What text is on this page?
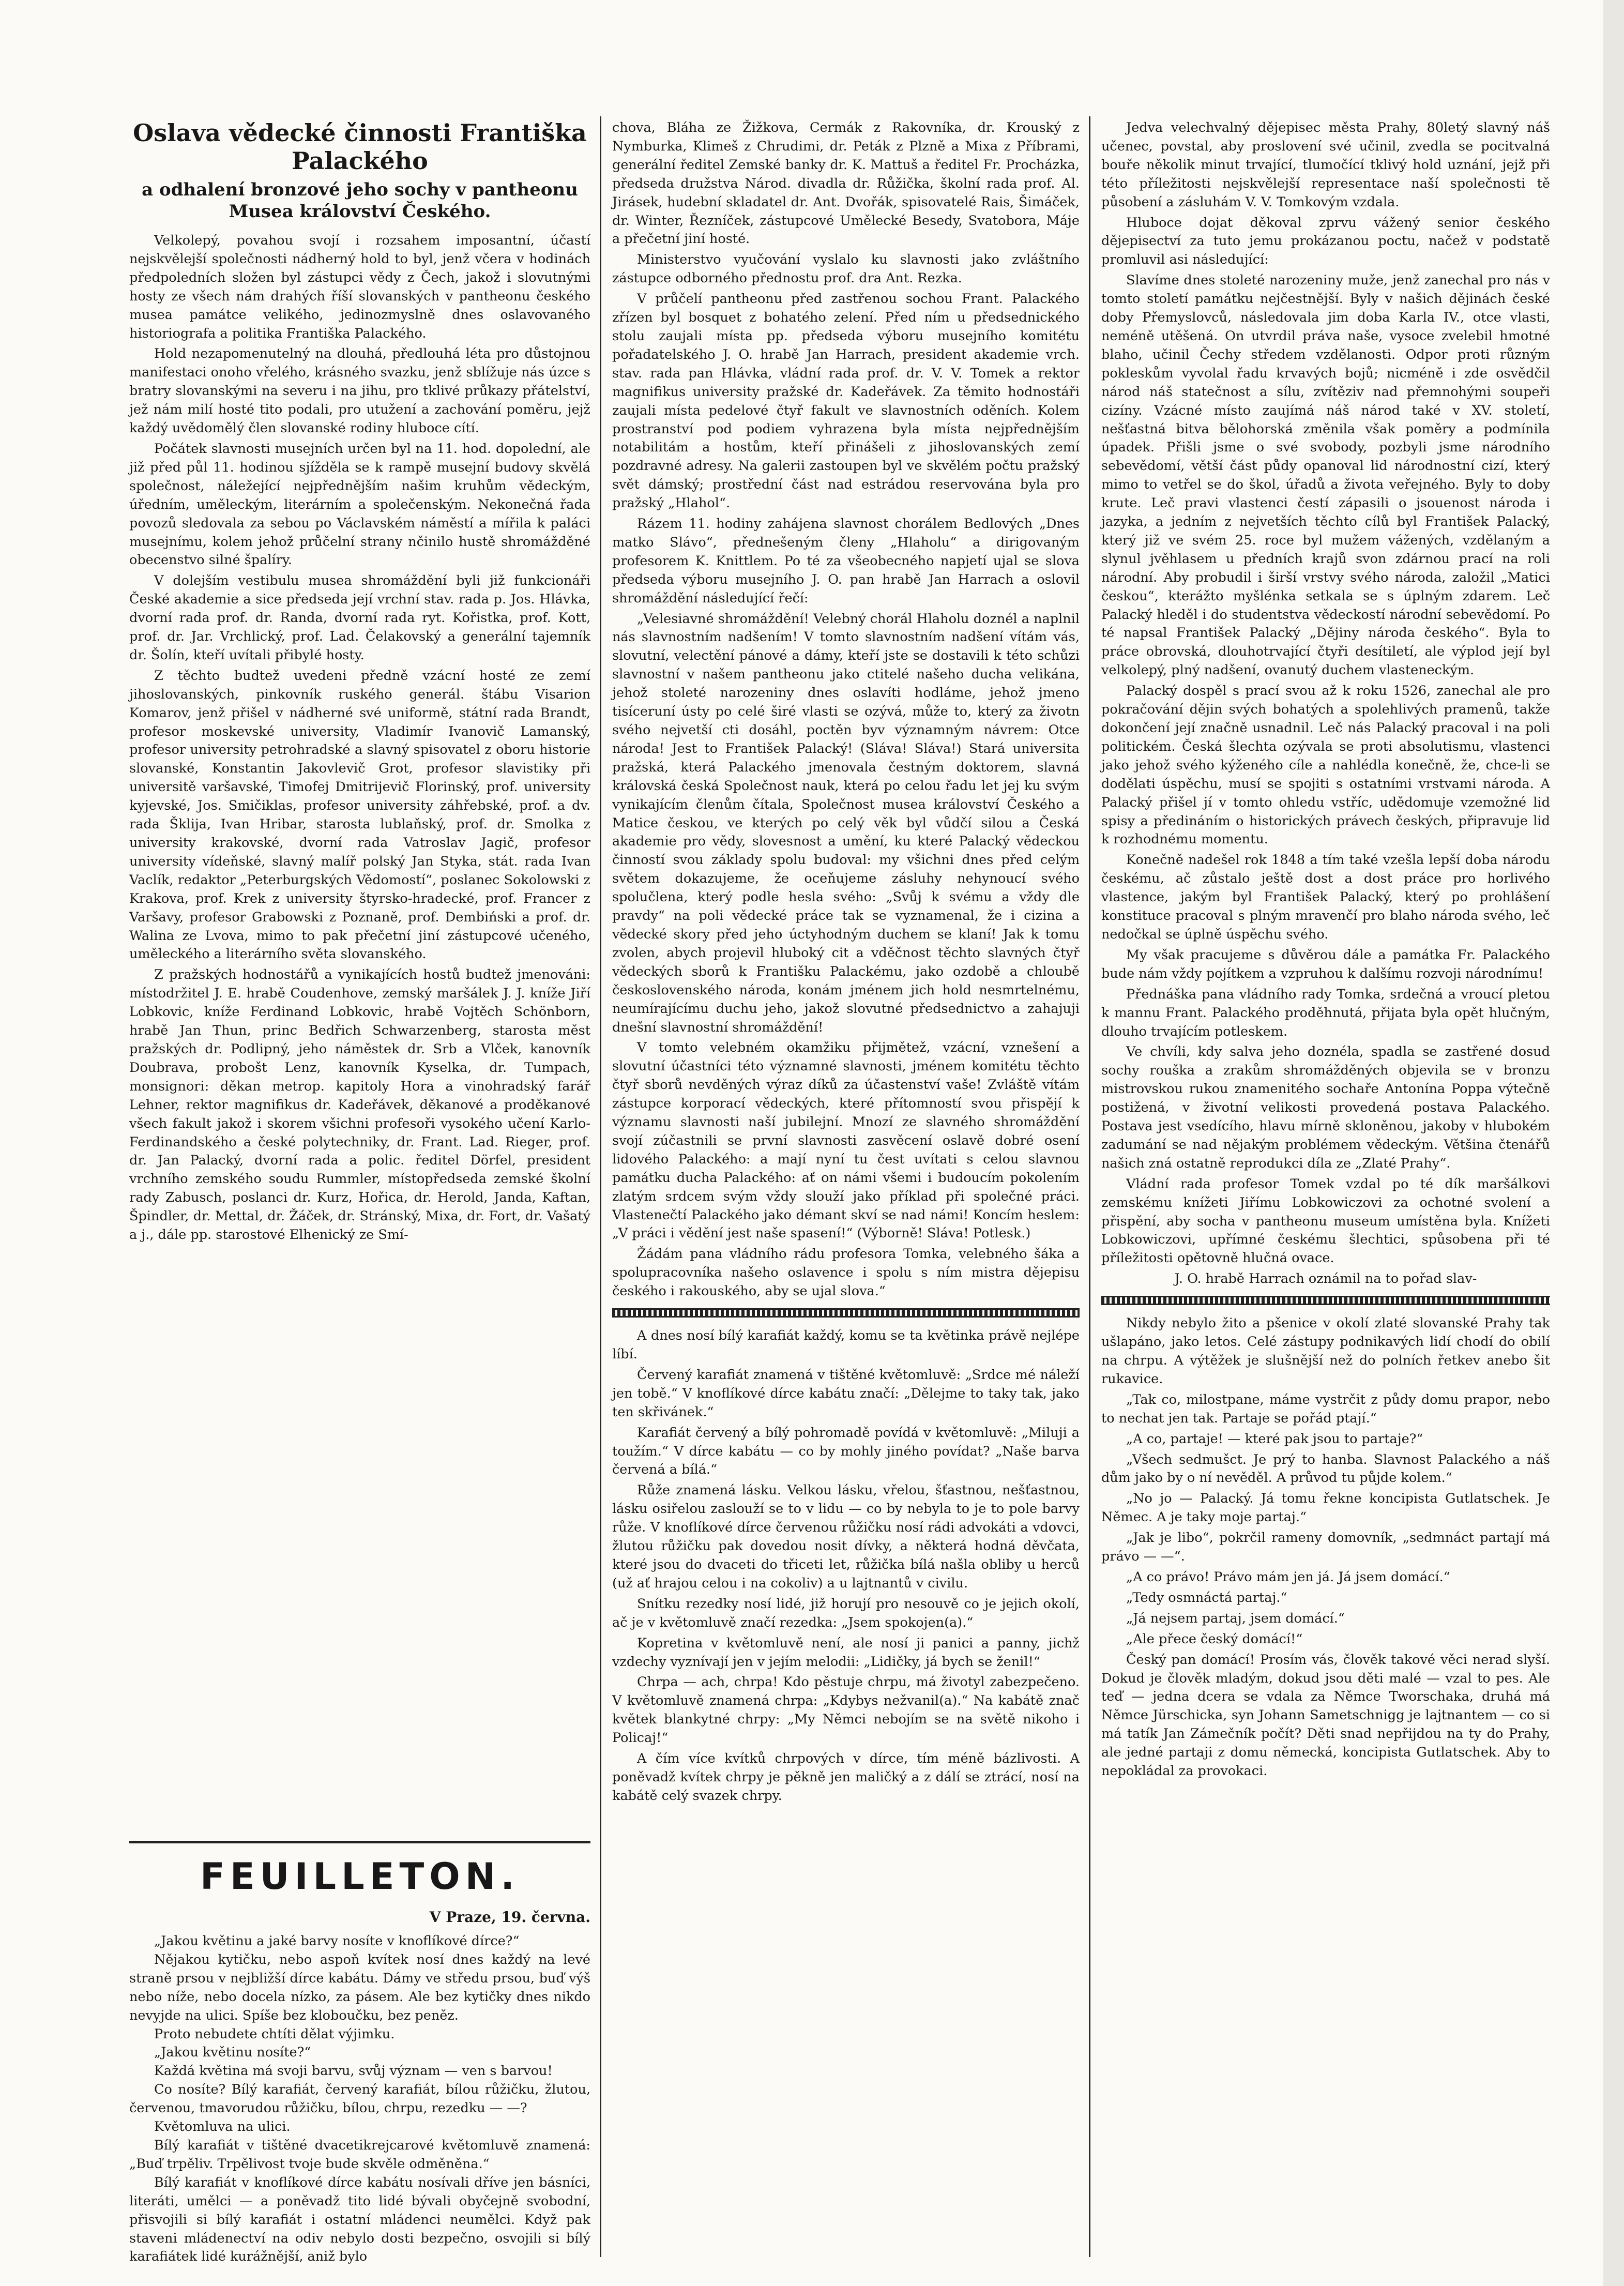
Oslava vědecké činnosti Františka Palackého
a odhalení bronzové jeho sochy v pantheonu Musea království Českého.

Velkolepý, povahou svojí i rozsahem imposantní, účastí nejskvělejší společnosti nádherný hold to byl, jenž včera v hodinách předpoledních složen byl zástupci vědy z Čech, jakož i slovutnými hosty ze všech nám drahých říší slovanských v pantheonu českého musea památce velikého, jedinozmyslně dnes oslavovaného historiografa a politika Františka Palackého.

Hold nezapomenutelný na dlouhá, předlouhá léta pro důstojnou manifestaci onoho vřelého, krásného svazku, jenž sblížuje nás úzce s bratry slovanskými na severu i na jihu, pro tklivé průkazy přátelství, jež nám milí hosté tito podali, pro utužení a zachování poměru, jejž každý uvědomělý člen slovanské rodiny hluboce cítí.

Počátek slavnosti musejních určen byl na 11. hod. dopolední, ale již před půl 11. hodinou sjížděla se k rampě musejní budovy skvělá společnost, náležející nejpřednějším našim kruhům vědeckým, úředním, uměleckým, literárním a společenským. Nekonečná řada povozů sledovala za sebou po Václavském náměstí a mířila k paláci musejnímu, kolem jehož průčelní strany nčinilo hustě shromážděné obecenstvo silné špalíry.

V dolejším vestibulu musea shromáždění byli již funkcionáři České akademie a sice předseda její vrchní stav. rada p. Jos. Hlávka, dvorní rada prof. dr. Randa, dvorní rada ryt. Kořistka, prof. Kott, prof. dr. Jar. Vrchlický, prof. Lad. Čelakovský a generální tajemník dr. Šolín, kteří uvítali přibylé hosty.

Z těchto budtež uvedeni předně vzácní hosté ze zemí jihoslovanských, pinkovník ruského generál. štábu Visarion Komarov, jenž přišel v nádherné své uniformě, státní rada Brandt, profesor moskevské university, Vladimír Ivanovič Lamanský, profesor university petrohradské a slavný spisovatel z oboru historie slovanské, Konstantin Jakovlevič Grot, profesor slavistiky při universitě varšavské, Timofej Dmitrijevič Florinský, prof. university kyjevské, Jos. Smičiklas, profesor university záhřebské, prof. a dv. rada Šklija, Ivan Hribar, starosta lublaňský, prof. dr. Smolka z university krakovské, dvorní rada Vatroslav Jagič, profesor university vídeňské, slavný malíř polský Jan Styka, stát. rada Ivan Vaclík, redaktor „Peterburgských Vědomostí“, poslanec Sokolowski z Krakova, prof. Krek z university štyrsko-hradecké, prof. Francer z Varšavy, profesor Grabowski z Poznaně, prof. Dembiński a prof. dr. Walina ze Lvova, mimo to pak přečetní jiní zástupcové učeného, uměleckého a literárního světa slovanského.

Z pražských hodnostářů a vynikajících hostů budtež jmenováni: místodržitel J. E. hrabě Coudenhove, zemský maršálek J. J. kníže Jiří Lobkovic, kníže Ferdinand Lobkovic, hrabě Vojtěch Schönborn, hrabě Jan Thun, princ Bedřich Schwarzenberg, starosta měst pražských dr. Podlipný, jeho náměstek dr. Srb a Vlček, kanovník Doubrava, probošt Lenz, kanovník Kyselka, dr. Tumpach, monsignori: děkan metrop. kapitoly Hora a vinohradský farář Lehner, rektor magnifikus dr. Kadeřávek, děkanové a proděkanové všech fakult jakož i skorem všichni profesoři vysokého učení Karlo-Ferdinandského a české polytechniky, dr. Frant. Lad. Rieger, prof. dr. Jan Palacký, dvorní rada a polic. ředitel Dörfel, president vrchního zemského soudu Rummler, místopředseda zemské školní rady Zabusch, poslanci dr. Kurz, Hořica, dr. Herold, Janda, Kaftan, Špindler, dr. Mettal, dr. Žáček, dr. Stránský, Mixa, dr. Fort, dr. Vašatý a j., dále pp. starostové Elhenický ze Smí-

FEUILLETON.
V Praze, 19. června.

„Jakou květinu a jaké barvy nosíte v knoflíkové dírce?“

Nějakou kytičku, nebo aspoň kvítek nosí dnes každý na levé straně prsou v nejbližší dírce kabátu. Dámy ve středu prsou, buď výš nebo níže, nebo docela nízko, za pásem. Ale bez kytičky dnes nikdo nevyjde na ulici. Spíše bez kloboučku, bez peněz.

Proto nebudete chtíti dělat výjimku.

„Jakou květinu nosíte?“

Každá květina má svoji barvu, svůj význam — ven s barvou!

Co nosíte? Bílý karafiát, červený karafiát, bílou růžičku, žlutou, červenou, tmavorudou růžičku, bílou, chrpu, rezedku — —?

Květomluva na ulici.

Bílý karafiát v tištěné dvacetikrejcarové květomluvě znamená: „Buď trpěliv. Trpělivost tvoje bude skvěle odměněna.“

Bílý karafiát v knoflíkové dírce kabátu nosívali dříve jen básníci, literáti, umělci — a poněvadž tito lidé bývali obyčejně svobodní, přisvojili si bílý karafiát i ostatní mládenci neumělci. Když pak staveni mládenectví na odiv nebylo dosti bezpečno, osvojili si bílý karafiátek lidé kurážnější, aniž bylo

chova, Bláha ze Žižkova, Cermák z Rakovníka, dr. Krouský z Nymburka, Klimeš z Chrudimi, dr. Peták z Plzně a Mixa z Příbrami, generální ředitel Zemské banky dr. K. Mattuš a ředitel Fr. Procházka, předseda družstva Národ. divadla dr. Růžička, školní rada prof. Al. Jirásek, hudební skladatel dr. Ant. Dvořák, spisovatelé Rais, Šimáček, dr. Winter, Řezníček, zástupcové Umělecké Besedy, Svatobora, Máje a přečetní jiní hosté.

Ministerstvo vyučování vyslalo ku slavnosti jako zvláštního zástupce odborného přednostu prof. dra Ant. Rezka.

V průčelí pantheonu před zastřenou sochou Frant. Palackého zřízen byl bosquet z bohatého zelení. Před ním u předsednického stolu zaujali místa pp. předseda výboru musejního komitétu pořadatelského J. O. hrabě Jan Harrach, president akademie vrch. stav. rada pan Hlávka, vládní rada prof. dr. V. V. Tomek a rektor magnifikus university pražské dr. Kadeřávek. Za těmito hodnostáři zaujali místa pedelové čtyř fakult ve slavnostních oděních. Kolem prostranství pod podiem vyhrazena byla místa nejpřednějším notabilitám a hostům, kteří přinášeli z jihoslovanských zemí pozdravné adresy. Na galerii zastoupen byl ve skvělém počtu pražský svět dámský; prostřední část nad estrádou reservována byla pro pražský „Hlahol“.

Rázem 11. hodiny zahájena slavnost chorálem Bedlových „Dnes matko Slávo“, přednešeným členy „Hlaholu“ a dirigovaným profesorem K. Knittlem. Po té za všeobecného napjetí ujal se slova předseda výboru musejního J. O. pan hrabě Jan Harrach a oslovil shromáždění následující řečí:

„Velesiavné shromáždění! Velebný chorál Hlaholu doznél a naplnil nás slavnostním nadšením! V tomto slavnostním nadšení vítám vás, slovutní, velectění pánové a dámy, kteří jste se dostavili k této schůzi slavnostní v našem pantheonu jako ctitelé našeho ducha velikána, jehož stoleté narozeniny dnes oslavíti hodláme, jehož jmeno tisíceruní ústy po celé širé vlasti se ozývá, může to, který za životn svého nejvetší cti dosáhl, poctěn byv významným návrem: Otce národa! Jest to František Palacký! (Sláva! Sláva!) Stará universita pražská, která Palackého jmenovala čestným doktorem, slavná královská česká Společnost nauk, která po celou řadu let jej ku svým vynikajícím členům čítala, Společnost musea království Českého a Matice českou, ve kterých po celý věk byl vůdčí silou a Česká akademie pro vědy, slovesnost a umění, ku které Palacký vědeckou činností svou základy spolu budoval: my všichni dnes před celým světem dokazujeme, že oceňujeme zásluhy nehynoucí svého spolučlena, který podle hesla svého: „Svůj k svému a vždy dle pravdy“ na poli vědecké práce tak se vyznamenal, že i cizina a vědecké skory před jeho úctyhodným duchem se klaní! Jak k tomu zvolen, abych projevil hluboký cit a vděčnost těchto slavných čtyř vědeckých sborů k Františku Palackému, jako ozdobě a chloubě československého národa, konám jménem jich hold nesmrtelnému, neumírajícímu duchu jeho, jakož slovutné předsednictvo a zahajuji dnešní slavnostní shromáždění!

V tomto velebném okamžiku přijmětež, vzácní, vznešení a slovutní účastníci této významné slavnosti, jménem komitétu těchto čtyř sborů nevděných výraz díků za účastenství vaše! Zvláště vítám zástupce korporací vědeckých, které přítomností svou přispějí k významu slavnosti naší jubilejní. Mnozí ze slavného shromáždění svojí zúčastnili se první slavnosti zasvěcení oslavě dobré osení lidového Palackého: a mají nyní tu čest uvítati s celou slavnou památku ducha Palackého: ať on námi všemi i budoucím pokolením zlatým srdcem svým vždy slouží jako příklad při společné práci. Vlastenečtí Palackého jako démant skví se nad námi! Koncím heslem: „V práci i vědění jest naše spasení!“ (Výborně! Sláva! Potlesk.)

Žádám pana vládního rádu profesora Tomka, velebného šáka a spolupracovníka našeho oslavence i spolu s ním mistra dějepisu českého i rakouského, aby se ujal slova.“

A dnes nosí bílý karafiát každý, komu se ta květinka právě nejlépe líbí.

Červený karafiát znamená v tištěné květomluvě: „Srdce mé náleží jen tobě.“ V knoflíkové dírce kabátu značí: „Dělejme to taky tak, jako ten skřivánek.“

Karafiát červený a bílý pohromadě povídá v květomluvě: „Miluji a toužím.“ V dírce kabátu — co by mohly jiného povídat? „Naše barva červená a bílá.“

Růže znamená lásku. Velkou lásku, vřelou, šťastnou, nešťastnou, lásku osiřelou zaslouží se to v lidu — co by nebyla to je to pole barvy růže. V knoflíkové dírce červenou růžičku nosí rádi advokáti a vdovci, žlutou růžičku pak dovedou nosit dívky, a některá hodná děvčata, které jsou do dvaceti do třiceti let, růžička bílá našla obliby u herců (už ať hrajou celou i na cokoliv) a u lajtnantů v civilu.

Snítku rezedky nosí lidé, již horují pro nesouvě co je jejich okolí, ač je v květomluvě značí rezedka: „Jsem spokojen(a).“

Kopretina v květomluvě není, ale nosí ji panici a panny, jichž vzdechy vyznívají jen v jejím melodii: „Lidičky, já bych se ženil!“

Chrpa — ach, chrpa! Kdo pěstuje chrpu, má životyl zabezpečeno. V květomluvě znamená chrpa: „Kdybys nežvanil(a).“ Na kabátě znač květek blankytné chrpy: „My Němci nebojím se na světě nikoho i Policaj!“

A čím více kvítků chrpových v dírce, tím méně bázlivosti. A poněvadž kvítek chrpy je pěkně jen maličký a z dálí se ztrácí, nosí na kabátě celý svazek chrpy.

Jedva velechvalný dějepisec města Prahy, 80letý slavný náš učenec, povstal, aby proslovení své učinil, zvedla se pocitvalná bouře několik minut trvající, tlumočící tklivý hold uznání, jejž při této příležitosti nejskvělejší representace naší společnosti tě působení a zásluhám V. V. Tomkovým vzdala.

Hluboce dojat děkoval zprvu vážený senior českého dějepisectví za tuto jemu prokázanou poctu, načež v podstatě promluvil asi následující:

Slavíme dnes stoleté narozeniny muže, jenž zanechal pro nás v tomto století památku nejčestnější. Byly v našich dějinách české doby Přemyslovců, následovala jim doba Karla IV., otce vlasti, neméně utěšená. On utvrdil práva naše, vysoce zvelebil hmotné blaho, učinil Čechy středem vzdělanosti. Odpor proti různým pokleskům vyvolal řadu krvavých bojů; nicméně i zde osvědčil národ náš statečnost a sílu, zvítěziv nad přemnohými soupeři cizíny. Vzácné místo zaujímá náš národ také v XV. století, nešťastná bitva bělohorská změnila však poměry a podmínila úpadek. Přišli jsme o své svobody, pozbyli jsme národního sebevědomí, větší část půdy opanoval lid národnostní cizí, který mimo to vetřel se do škol, úřadů a života veřejného. Byly to doby krute. Leč pravi vlastenci čestí zápasili o jsouenost národa i jazyka, a jedním z nejvetších těchto cílů byl František Palacký, který již ve svém 25. roce byl mužem vážených, vzdělaným a slynul jvěhlasem u předních krajů svon zdárnou prací na roli národní. Aby probudil i širší vrstvy svého národa, založil „Matici českou“, kterážto myšlénka setkala se s úplným zdarem. Leč Palacký hleděl i do studentstva vědeckostí národní sebevědomí. Po té napsal František Palacký „Dějiny národa českého“. Byla to práce obrovská, dlouhotrvající čtyři desítiletí, ale výplod její byl velkolepý, plný nadšení, ovanutý duchem vlasteneckým.

Palacký dospěl s prací svou až k roku 1526, zanechal ale pro pokračování dějin svých bohatých a spolehlivých pramenů, takže dokončení její značně usnadnil. Leč nás Palacký pracoval i na poli politickém. Česká šlechta ozývala se proti absolutismu, vlastenci jako jehož svého kýženého cíle a nahlédla konečně, že, chce-li se dodělati úspěchu, musí se spojiti s ostatními vrstvami národa. A Palacký přišel jí v tomto ohledu vstříc, udědomuje vzemožné lid spisy a předináním o historických právech českých, připravuje lid k rozhodnému momentu.

Konečně nadešel rok 1848 a tím také vzešla lepší doba národu českému, ač zůstalo ještě dost a dost práce pro horlivého vlastence, jakým byl František Palacký, který po prohlášení konstituce pracoval s plným mravenčí pro blaho národa svého, leč nedočkal se úplně úspěchu svého.

My však pracujeme s důvěrou dále a památka Fr. Palackého bude nám vždy pojítkem a vzpruhou k dalšímu rozvoji národnímu!

Přednáška pana vládního rady Tomka, srdečná a vroucí pletou k mannu Frant. Palackého proděhnutá, přijata byla opět hlučným, dlouho trvajícím potleskem.

Ve chvíli, kdy salva jeho doznéla, spadla se zastřené dosud sochy rouška a zrakům shromážděných objevila se v bronzu mistrovskou rukou znamenitého sochaře Antonína Poppa výtečně postižená, v životní velikosti provedená postava Palackého. Postava jest vsedícího, hlavu mírně skloněnou, jakoby v hlubokém zadumání se nad nějakým problémem vědeckým. Většina čtenářů našich zná ostatně reprodukci díla ze „Zlaté Prahy“.

Vládní rada profesor Tomek vzdal po té dík maršálkovi zemskému knížeti Jiřímu Lobkowiczovi za ochotné svolení a přispění, aby socha v pantheonu museum umístěna byla. Knížeti Lobkowiczovi, upřímné českému šlechtici, spůsobena při té příležitosti opětovně hlučná ovace.

J. O. hrabě Harrach oznámil na to pořad slav-

Nikdy nebylo žito a pšenice v okolí zlaté slovanské Prahy tak ušlapáno, jako letos. Celé zástupy podnikavých lidí chodí do obilí na chrpu. A výtěžek je slušnější než do polních řetkev anebo šit rukavice.

„Tak co, milostpane, máme vystrčit z půdy domu prapor, nebo to nechat jen tak. Partaje se pořád ptají.“

„A co, partaje! — které pak jsou to partaje?“

„Všech sedmušct. Je prý to hanba. Slavnost Palackého a náš dům jako by o ní nevěděl. A průvod tu půjde kolem.“

„No jo — Palacký. Já tomu řekne koncipista Gutlatschek. Je Němec. A je taky moje partaj.“

„Jak je libo“, pokrčil rameny domovník, „sedmnáct partají má právo — —“.

„A co právo! Právo mám jen já. Já jsem domácí.“

„Tedy osmnáctá partaj.“

„Já nejsem partaj, jsem domácí.“

„Ale přece český domácí!“

Český pan domácí! Prosím vás, člověk takové věci nerad slyší. Dokud je člověk mladým, dokud jsou děti malé — vzal to pes. Ale teď — jedna dcera se vdala za Němce Tworschaka, druhá má Němce Jürschicka, syn Johann Sametschnigg je lajtnantem — co si má tatík Jan Zámečník počít? Děti snad nepřijdou na ty do Prahy, ale jedné partaji z domu německá, koncipista Gutlatschek. Aby to nepokládal za provokaci.
